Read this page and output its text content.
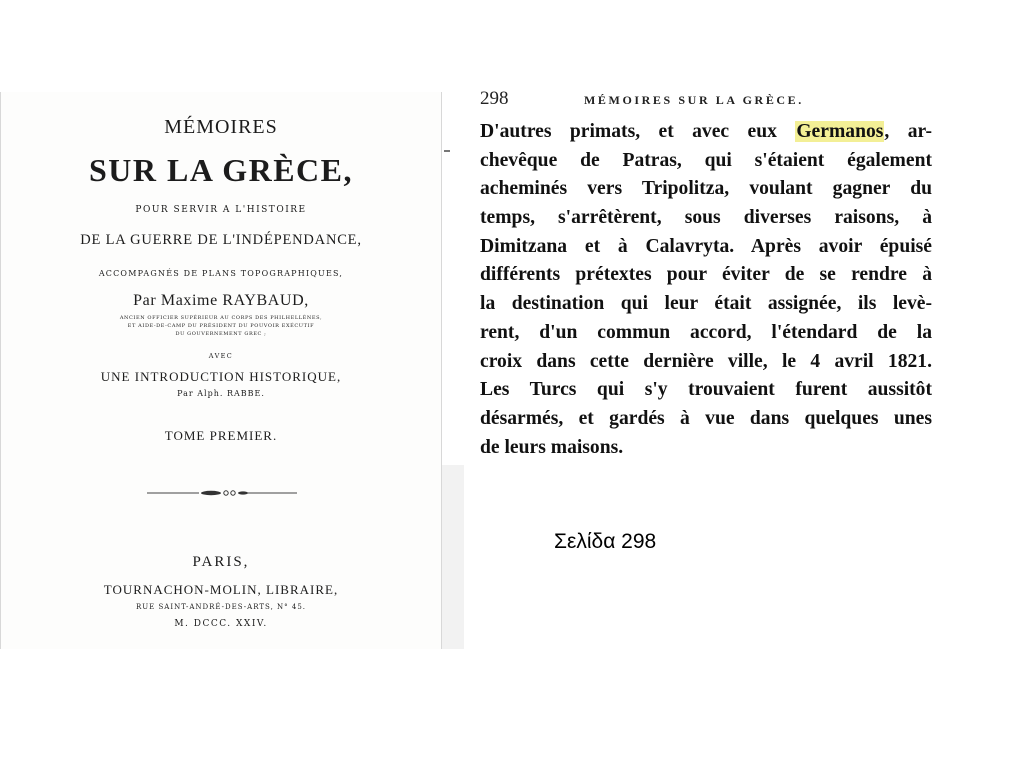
MÉMOIRES
SUR LA GRÈCE,
POUR SERVIR A L'HISTOIRE
DE LA GUERRE DE L'INDÉPENDANCE,
ACCOMPAGNÉS DE PLANS TOPOGRAPHIQUES,
Par Maxime RAYBAUD,
ANCIEN OFFICIER SUPÉRIEUR AU CORPS DES PHILHELLÈNES,
ET AIDE-DE-CAMP DU PRÉSIDENT DU POUVOIR EXÉCUTIF
DU GOUVERNEMENT GREC ;
AVEC
UNE INTRODUCTION HISTORIQUE,
Par Alph. RABBE.
TOME PREMIER.
PARIS,
TOURNACHON-MOLIN, LIBRAIRE,
RUE SAINT-ANDRÉ-DES-ARTS, N° 45.
M. DCCC. XXIV.
298	MÉMOIRES SUR LA GRÈCE.
D'autres primats, et avec eux Germanos, ar-
chevêque de Patras, qui s'étaient également
acheminés vers Tripolitza, voulant gagner du
temps, s'arrêtèrent, sous diverses raisons, à
Dimitzana et à Calavryta. Après avoir épuisé
différents prétextes pour éviter de se rendre à
la destination qui leur était assignée, ils levè-
rent, d'un commun accord, l'étendard de la
croix dans cette dernière ville, le 4 avril 1821.
Les Turcs qui s'y trouvaient furent aussitôt
désarmés, et gardés à vue dans quelques unes
de leurs maisons.
Σελίδα 298
